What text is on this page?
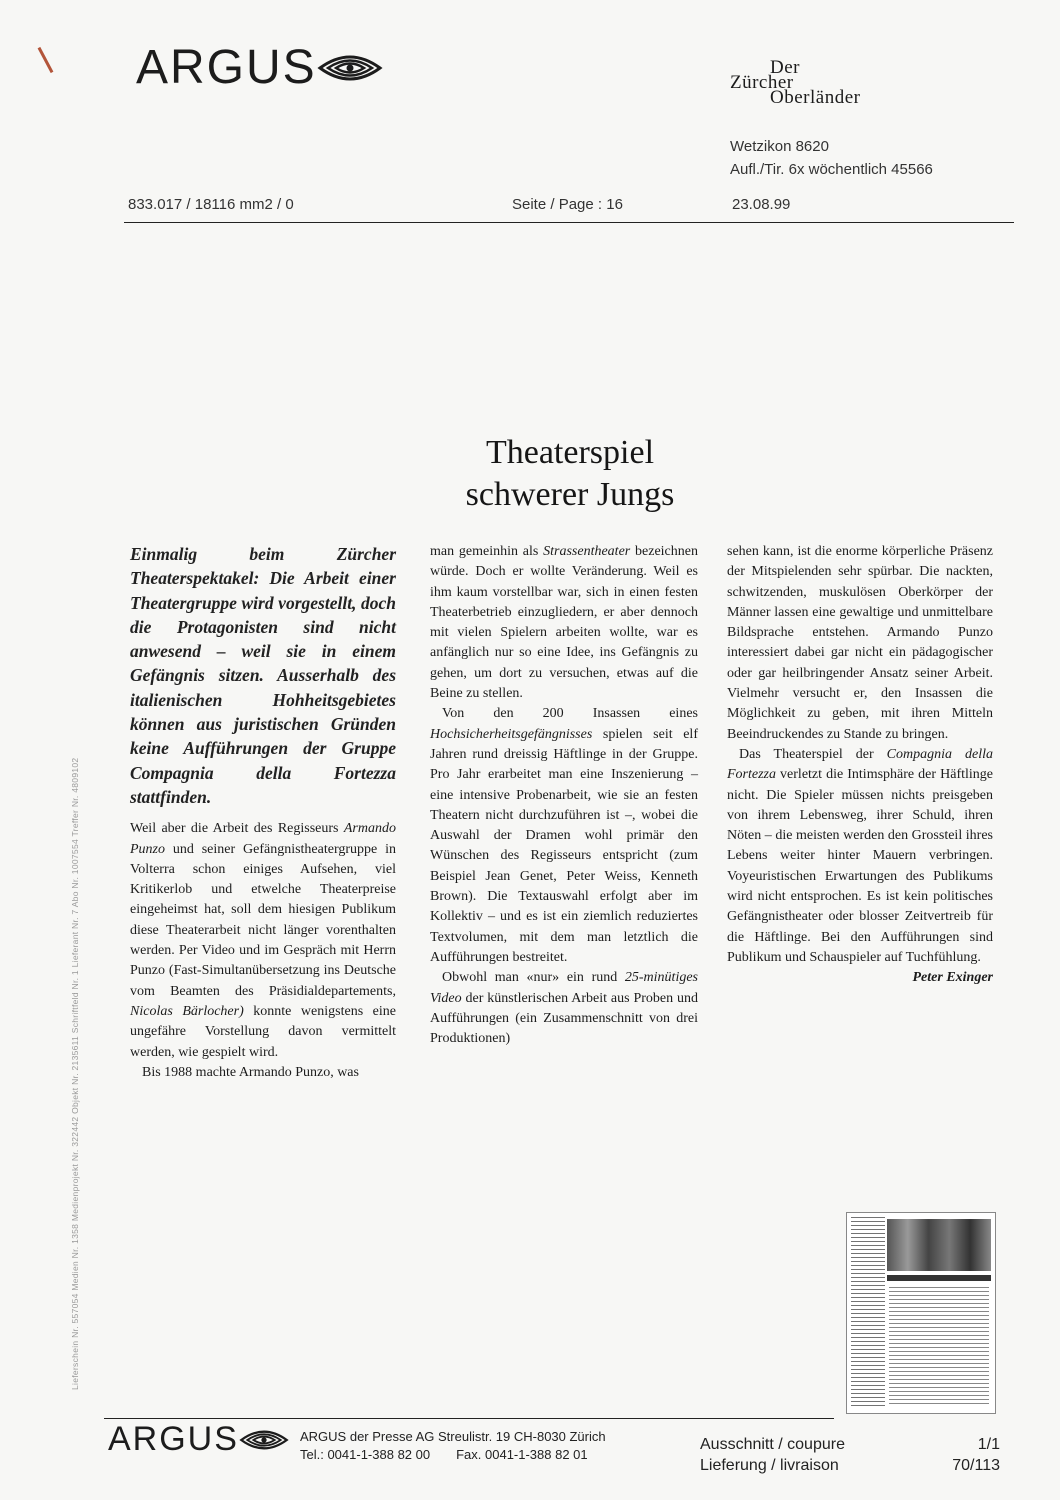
ARGUS	Der
Zürcher
Oberländer
Wetzikon 8620
Aufl./Tir. 6x wöchentlich 45566
833.017 / 18116 mm2 / 0	Seite / Page : 16	23.08.99
Theaterspiel
schwerer Jungs
Einmalig beim Zürcher Theaterspektakel: Die Arbeit einer Theatergruppe wird vorgestellt, doch die Protagonisten sind nicht anwesend – weil sie in einem Gefängnis sitzen. Ausserhalb des italienischen Hohheitsgebietes können aus juristischen Gründen keine Aufführungen der Gruppe Compagnia della Fortezza stattfinden.

Weil aber die Arbeit des Regisseurs Armando Punzo und seiner Gefängnistheatergruppe in Volterra schon einiges Aufsehen, viel Kritikerlob und etwelche Theaterpreise eingeheimst hat, soll dem hiesigen Publikum diese Theaterarbeit nicht länger vorenthalten werden. Per Video und im Gespräch mit Herrn Punzo (Fast-Simultanübersetzung ins Deutsche vom Beamten des Präsidialdepartements, Nicolas Bärlocher) konnte wenigstens eine ungefähre Vorstellung davon vermittelt werden, wie gespielt wird.

Bis 1988 machte Armando Punzo, was

man gemeinhin als Strassentheater bezeichnen würde. Doch er wollte Veränderung. Weil es ihm kaum vorstellbar war, sich in einen festen Theaterbetrieb einzugliedern, er aber dennoch mit vielen Spielern arbeiten wollte, war es anfänglich nur so eine Idee, ins Gefängnis zu gehen, um dort zu versuchen, etwas auf die Beine zu stellen.

Von den 200 Insassen eines Hochsicherheitsgefängnisses spielen seit elf Jahren rund dreissig Häftlinge in der Gruppe. Pro Jahr erarbeitet man eine Inszenierung – eine intensive Probenarbeit, wie sie an festen Theatern nicht durchzuführen ist –, wobei die Auswahl der Dramen wohl primär den Wünschen des Regisseurs entspricht (zum Beispiel Jean Genet, Peter Weiss, Kenneth Brown). Die Textauswahl erfolgt aber im Kollektiv – und es ist ein ziemlich reduziertes Textvolumen, mit dem man letztlich die Aufführungen bestreitet.

Obwohl man «nur» ein rund 25-minütiges Video der künstlerischen Arbeit aus Proben und Aufführungen (ein Zusammenschnitt von drei Produktionen)

sehen kann, ist die enorme körperliche Präsenz der Mitspielenden sehr spürbar. Die nackten, schwitzenden, muskulösen Oberkörper der Männer lassen eine gewaltige und unmittelbare Bildsprache entstehen. Armando Punzo interessiert dabei gar nicht ein pädagogischer oder gar heilbringender Ansatz seiner Arbeit. Vielmehr versucht er, den Insassen die Möglichkeit zu geben, mit ihren Mitteln Beeindruckendes zu Stande zu bringen.

Das Theaterspiel der Compagnia della Fortezza verletzt die Intimsphäre der Häftlinge nicht. Die Spieler müssen nichts preisgeben von ihrem Lebensweg, ihrer Schuld, ihren Nöten – die meisten werden den Grossteil ihres Lebens weiter hinter Mauern verbringen. Voyeuristischen Erwartungen des Publikums wird nicht entsprochen. Es ist kein politisches Gefängnistheater oder blosser Zeitvertreib für die Häftlinge. Bei den Aufführungen sind Publikum und Schauspieler auf Tuchfühlung.
Peter Exinger

Lieferschein Nr. 557054 Medien Nr. 1358 Medienprojekt Nr. 322442 Objekt Nr. 2135611 Schriftfeld Nr. 1 Lieferant Nr. 7 Abo Nr. 1007554 Treffer Nr. 4809102
ARGUS	ARGUS der Presse AG Streulistr. 19 CH-8030 Zürich
Tel.: 0041-1-388 82 00 Fax. 0041-1-388 82 01
Ausschnitt / coupure	1/1
Lieferung / livraison	70/113
